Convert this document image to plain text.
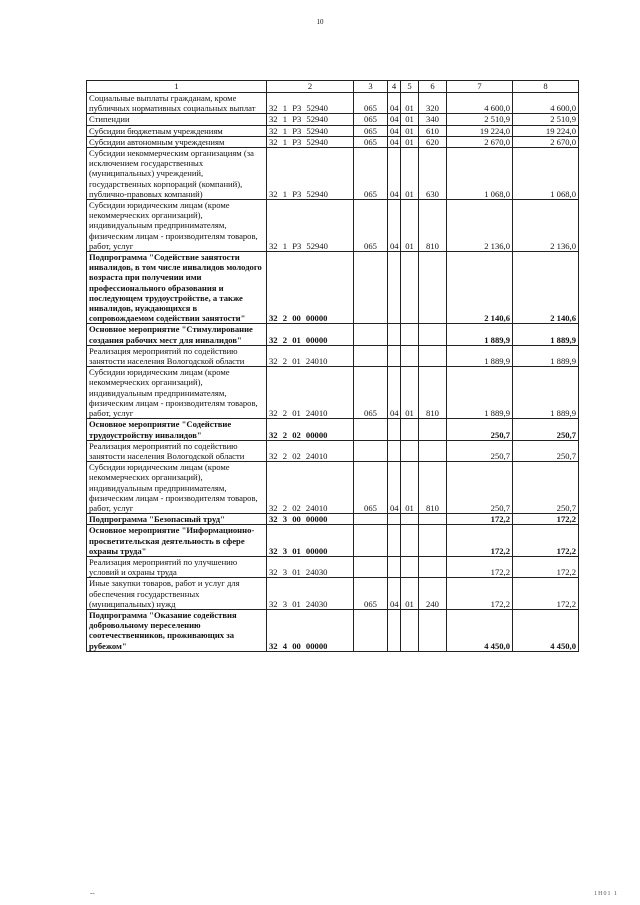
10
1	2	3	4	5	6	7	8
Социальные выплаты гражданам, кроме публичных нормативных социальных выплат	32 1 Р3 52940	065	04	01	320	4 600,0	4 600,0
Стипендии	32 1 Р3 52940	065	04	01	340	2 510,9	2 510,9
Субсидии бюджетным учреждениям	32 1 Р3 52940	065	04	01	610	19 224,0	19 224,0
Субсидии автономным учреждениям	32 1 Р3 52940	065	04	01	620	2 670,0	2 670,0
Субсидии некоммерческим организациям (за исключением государственных (муниципальных) учреждений, государственных корпораций (компаний), публично-правовых компаний)	32 1 Р3 52940	065	04	01	630	1 068,0	1 068,0
Субсидии юридическим лицам (кроме некоммерческих организаций), индивидуальным предпринимателям, физическим лицам - производителям товаров, работ, услуг	32 1 Р3 52940	065	04	01	810	2 136,0	2 136,0
Подпрограмма "Содействие занятости инвалидов, в том числе инвалидов молодого возраста при получении ими профессионального образования и последующем трудоустройстве, а также инвалидов, нуждающихся в сопровождаемом содействии занятости"	32 2 00 00000					2 140,6	2 140,6
Основное мероприятие "Стимулирование создания рабочих мест для инвалидов"	32 2 01 00000					1 889,9	1 889,9
Реализация мероприятий по содействию занятости населения Вологодской области	32 2 01 24010					1 889,9	1 889,9
Субсидии юридическим лицам (кроме некоммерческих организаций), индивидуальным предпринимателям, физическим лицам - производителям товаров, работ, услуг	32 2 01 24010	065	04	01	810	1 889,9	1 889,9
Основное мероприятие "Содействие трудоустройству инвалидов"	32 2 02 00000					250,7	250,7
Реализация мероприятий по содействию занятости населения Вологодской области	32 2 02 24010					250,7	250,7
Субсидии юридическим лицам (кроме некоммерческих организаций), индивидуальным предпринимателям, физическим лицам - производителям товаров, работ, услуг	32 2 02 24010	065	04	01	810	250,7	250,7
Подпрограмма "Безопасный труд"	32 3 00 00000					172,2	172,2
Основное мероприятие "Информационно-просветительская деятельность в сфере охраны труда"	32 3 01 00000					172,2	172,2
Реализация мероприятий по улучшению условий и охраны труда	32 3 01 24030					172,2	172,2
Иные закупки товаров, работ и услуг для обеспечения государственных (муниципальных) нужд	32 3 01 24030	065	04	01	240	172,2	172,2
Подпрограмма "Оказание содействия добровольному переселению соотечественников, проживающих за рубежом"	32 4 00 00000					4 450,0	4 450,0
--	1Н01 1
